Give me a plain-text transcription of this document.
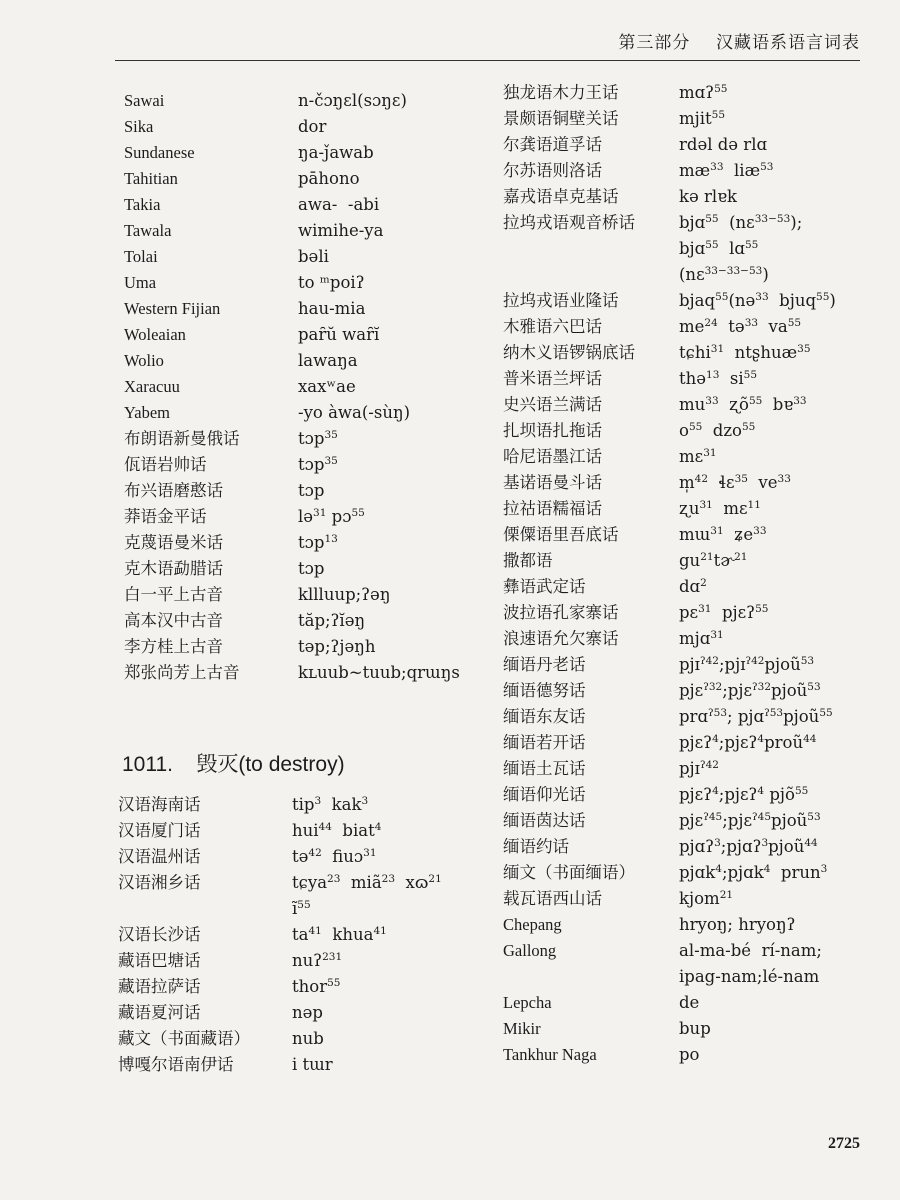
第三部分 汉藏语系语言词表
Sawai	n-čɔŋɛl(sɔŋɛ)
Sika	dor
Sundanese	ŋa-ǰawab
Tahitian	pāhono
Takia	awa-  -abi
Tawala	wimihe-ya
Tolai	bəli
Uma	to ᵐpoiʔ
Western Fijian	hau-mia
Woleaian	paȓŭ waȓĭ
Wolio	lawaŋa
Xaracuu	xaxʷae
Yabem	-yo àwa(-sùŋ)
布朗语新曼俄话	tɔp$^{35}$
佤语岩帅话	tɔp$^{35}$
布兴语磨憨话	tɔp
莽语金平话	lə$^{31}$ pɔ$^{55}$
克蔑语曼米话	tɔp$^{13}$
克木语勐腊话	tɔp
白一平上古音	kllluup;ʔəŋ
高本汉中古音	tăp;ʔĭəŋ
李方桂上古音	təp;ʔjəŋh
郑张尚芳上古音	kʟuub~tuub;qrɯŋs
1011. 毁灭(to destroy)
汉语海南话	tip$^3$  kak$^3$
汉语厦门话	hui$^{44}$  biat$^4$
汉语温州话	tə$^{42}$  fiuɔ$^{31}$
汉语湘乡话	tɕya$^{23}$  miã$^{23}$  xɷ$^{21}$
$ĩ^{55}$
汉语长沙话	$ta^{41}$  khua$^{41}$
藏语巴塘话	nuʔ$^{231}$
藏语拉萨话	thor$^{55}$
藏语夏河话	nəp
藏文（书面藏语）	nub
博嘎尔语南伊话	i tɯr
独龙语木力王话	mɑʔ$^{55}$
景颇语铜壁关话	mjit$^{55}$
尔龚语道孚话	rdəl də rlɑ
尔苏语则洛话	$mæ^{33}$  liæ$^{53}$
嘉戎语卓克基话	kə rlɐk
拉坞戎语观音桥话	bjɑ$^{55}$  (nɛ$^{33-53}$);
bjɑ$^{55}$  lɑ$^{55}$
(nɛ$^{33-33-53}$)
拉坞戎语业隆话	bjaq$^{55}$(nə$^{33}$  bjuq$^{55}$)
木雅语六巴话	$me^{24}$  tə$^{33}$  $va^{55}$
纳木义语锣锅底话	tɕhi$^{31}$  ntʂhuæ$^{35}$
普米语兰坪话	thə$^{13}$  $si^{55}$
史兴语兰满话	$mu^{33}$  ʐõ$^{55}$  bɐ$^{33}$
扎坝语扎拖话	$o^{55}$  dzo$^{55}$
哈尼语墨江话	mɛ$^{31}$
基诺语曼斗话	m̩$^{42}$  ɬɛ$^{35}$  $ve^{33}$
拉祜语糯福话	ʐu$^{31}$  mɛ$^{11}$
傈僳语里吾底话	mɯ$^{31}$  ʑe$^{33}$
撒都语	$gu^{21}tɚ^{21}$
彝语武定话	dɑ$^2$
波拉语孔家寨话	pɛ$^{31}$  pjɛʔ$^{55}$
浪速语允欠寨话	mjɑ$^{31}$
缅语丹老话	pjɪ$^{ʔ42}$;pjɪ$^{ʔ42}$pjoũ$^{53}$
缅语德努话	pjɛ$^{ʔ32}$;pjɛ$^{ʔ32}$pjoũ$^{53}$
缅语东友话	prɑ$^{ʔ53}$; pjɑ$^{ʔ53}$pjoũ$^{55}$
缅语若开话	pjɛʔ$^4$;pjɛʔ$^4$proũ$^{44}$
缅语土瓦话	pjɪ$^{ʔ42}$
缅语仰光话	pjɛʔ$^4$;pjɛʔ$^4$ pjõ$^{55}$
缅语茵达话	pjɛ$^{ʔ45}$;pjɛ$^{ʔ45}$pjoũ$^{53}$
缅语约话	pjɑʔ$^3$;pjɑʔ$^3$pjoũ$^{44}$
缅文（书面缅语）	pjɑk$^4$;pjɑk$^4$  prun$^3$
载瓦语西山话	kjom$^{21}$
Chepang	hryoŋ; hryoŋʔ
Gallong	al-ma-bé  rí-nam;
ipag-nam;lé-nam
Lepcha	de
Mikir	bup
Tankhur Naga	po
2725
